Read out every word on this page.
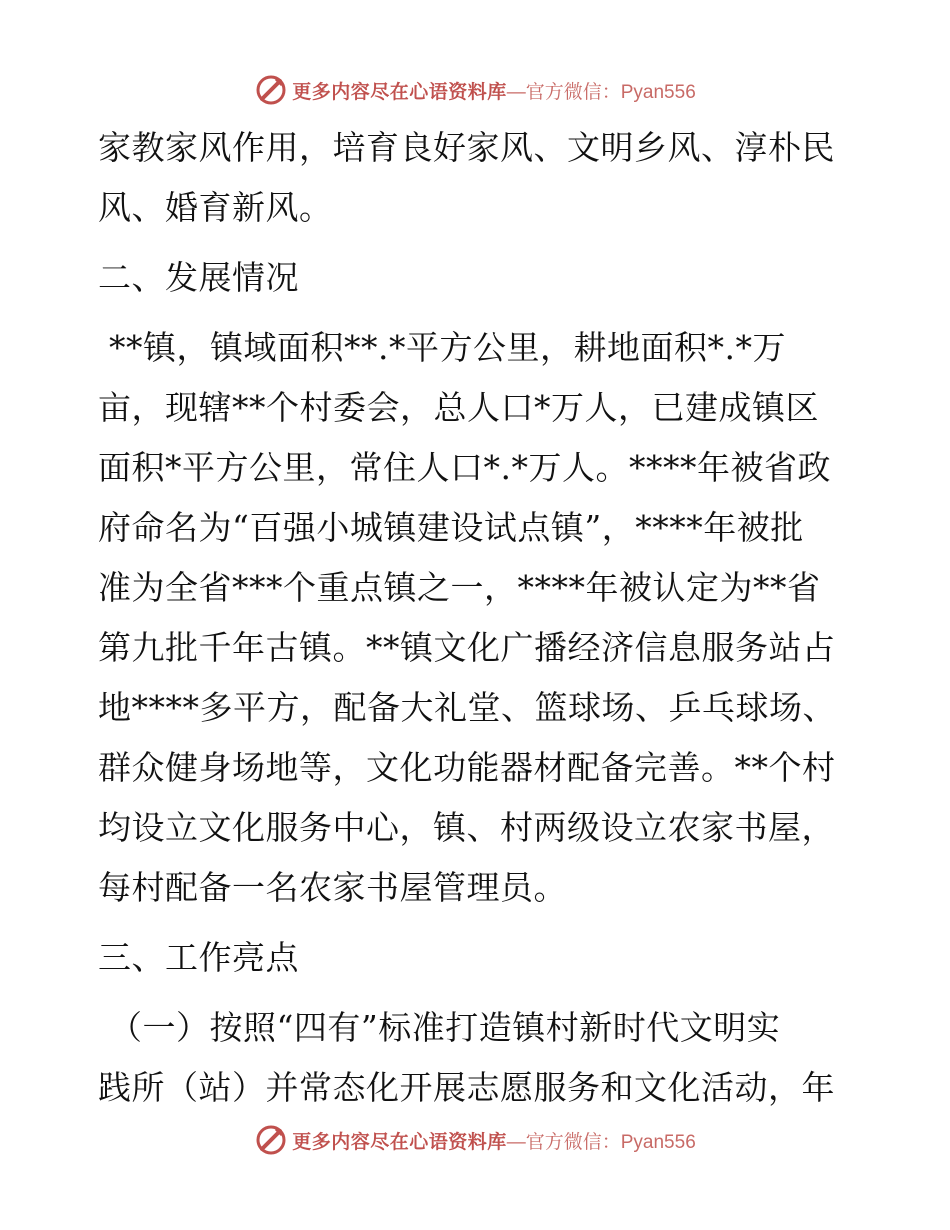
更多内容尽在心语资料库 —官方微信：Pyan556

家教家风作用，培育良好家风、文明乡风、淳朴民

风、婚育新风。

二、发展情况

**镇，镇域面积**.*平方公里，耕地面积*.*万

亩，现辖**个村委会，总人口*万人，已建成镇区

面积*平方公里，常住人口*.*万人。****年被省政

府命名为“百强小城镇建设试点镇”，****年被批

准为全省***个重点镇之一，****年被认定为**省

第九批千年古镇。**镇文化广播经济信息服务站占

地****多平方，配备大礼堂、篮球场、乒乓球场、

群众健身场地等，文化功能器材配备完善。**个村

均设立文化服务中心，镇、村两级设立农家书屋，

每村配备一名农家书屋管理员。

三、工作亮点

（一）按照“四有”标准打造镇村新时代文明实

践所（站）并常态化开展志愿服务和文化活动，年

更多内容尽在心语资料库 —官方微信：Pyan556
